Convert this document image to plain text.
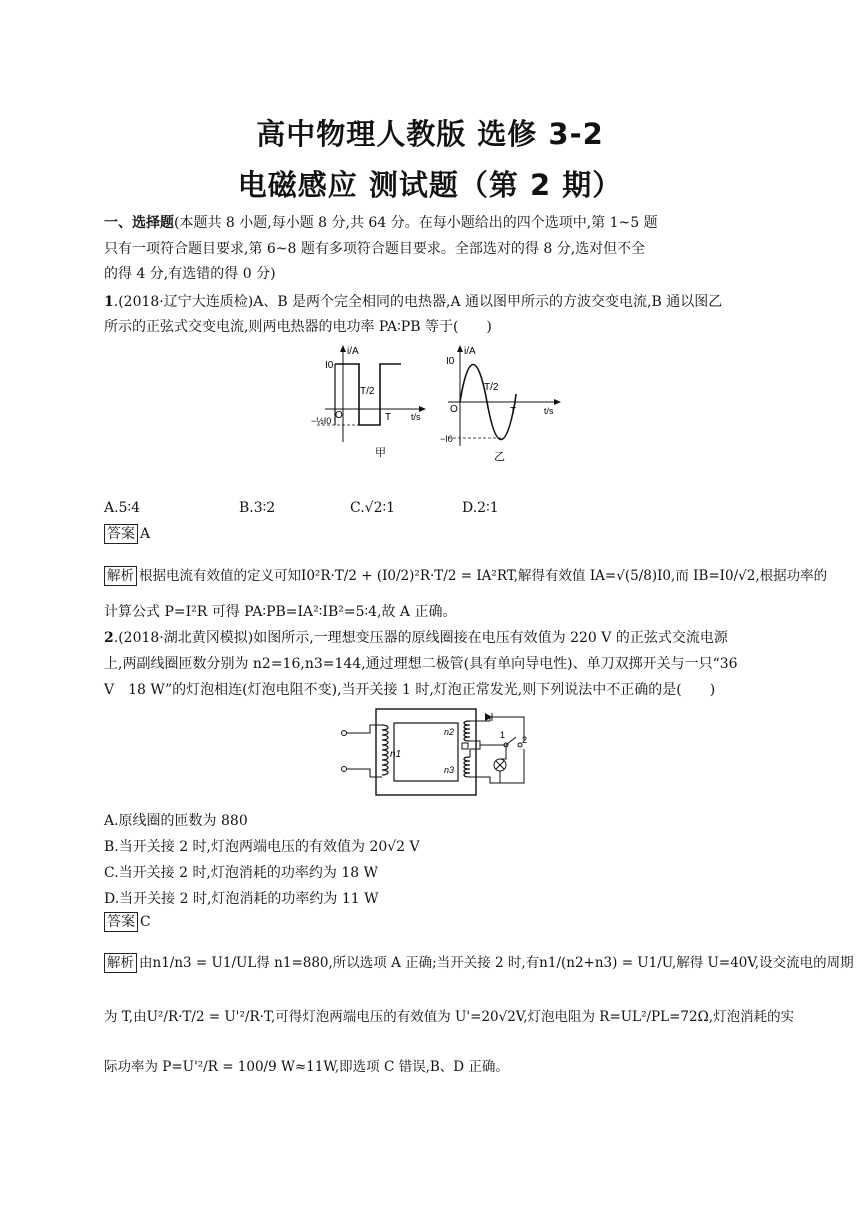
高中物理人教版 选修 3-2
电磁感应 测试题（第 2 期）
一、选择题(本题共 8 小题,每小题 8 分,共 64 分。在每小题给出的四个选项中,第 1~5 题
只有一项符合题目要求,第 6~8 题有多项符合题目要求。全部选对的得 8 分,选对但不全
的得 4 分,有选错的得 0 分)
1.(2018·辽宁大连质检)A、B 是两个完全相同的电热器,A 通以图甲所示的方波交变电流,B 通以图乙
所示的正弦式交变电流,则两电热器的电功率 PA∶PB 等于(　　)
i/A
I0
−½I0
T/2
O	T t/s
甲
i/A
I0
−I0
T/2
O	T	t/s
乙
A.5∶4	B.3∶2	C.√2∶1	D.2∶1
答案 A
解析 根据电流有效值的定义可知I0²R·T/2 + (I0/2)²R·T/2 = IA²RT,解得有效值 IA=√(5/8)I0,而 IB=I0/√2,根据功率的
计算公式 P=I²R 可得 PA∶PB=IA²∶IB²=5∶4,故 A 正确。
2.(2018·湖北黄冈模拟)如图所示,一理想变压器的原线圈接在电压有效值为 220 V 的正弦式交流电源
上,两副线圈匝数分别为 n2=16,n3=144,通过理想二极管(具有单向导电性)、单刀双掷开关与一只“36
V　18 W”的灯泡相连(灯泡电阻不变),当开关接 1 时,灯泡正常发光,则下列说法中不正确的是(　　)
n1
n2
n3
1 2
A.原线圈的匝数为 880
B.当开关接 2 时,灯泡两端电压的有效值为 20√2 V
C.当开关接 2 时,灯泡消耗的功率约为 18 W
D.当开关接 2 时,灯泡消耗的功率约为 11 W
答案 C
解析 由n1/n3 = U1/UL得 n1=880,所以选项 A 正确;当开关接 2 时,有n1/(n2+n3) = U1/U,解得 U=40V,设交流电的周期
为 T,由U²/R·T/2 = U'²/R·T,可得灯泡两端电压的有效值为 U'=20√2V,灯泡电阻为 R=UL²/PL=72Ω,灯泡消耗的实
际功率为 P=U'²/R = 100/9 W≈11W,即选项 C 错误,B、D 正确。
